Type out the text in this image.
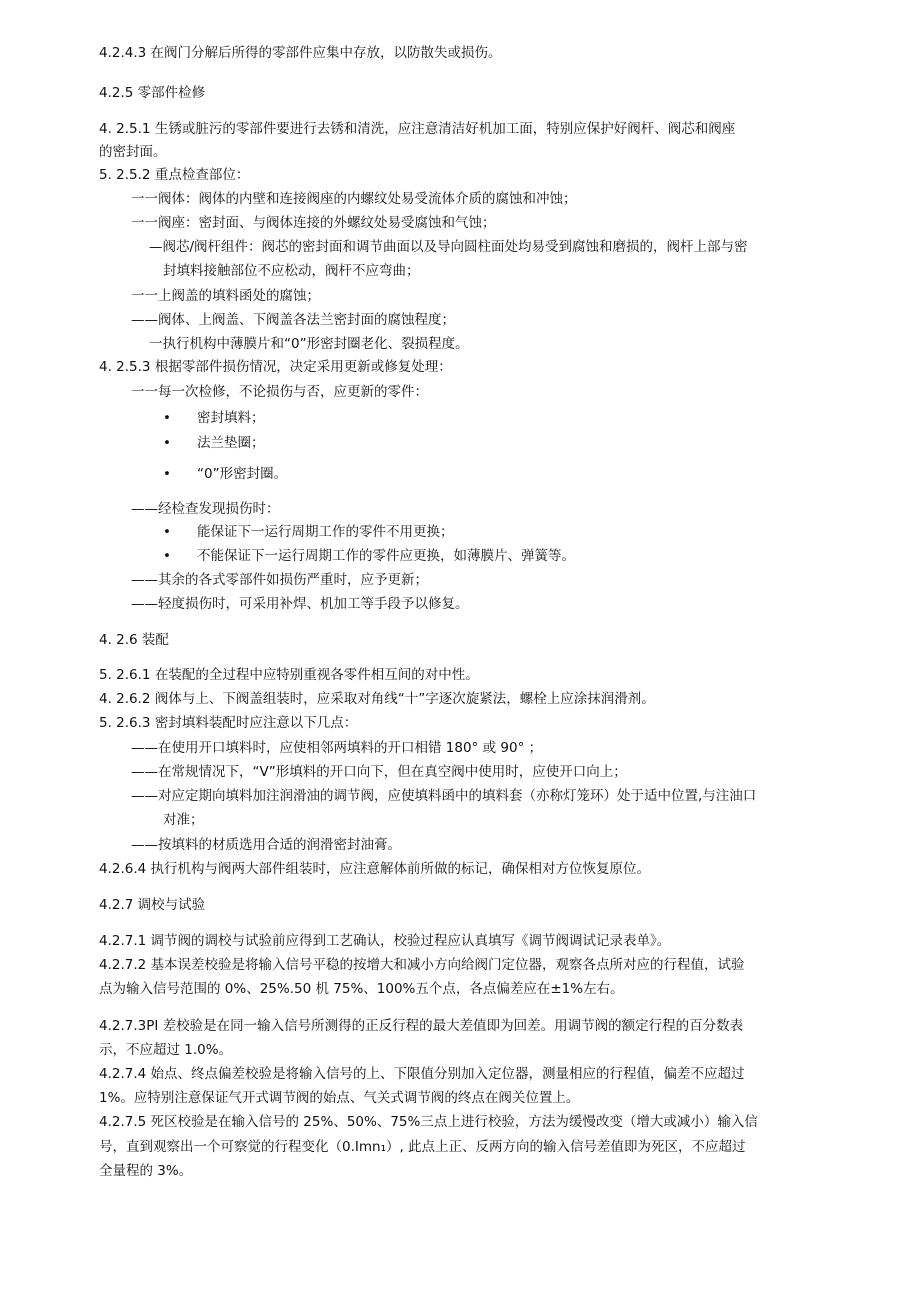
4.2.4.3 在阀门分解后所得的零部件应集中存放，以防散失或损伤。
4.2.5 零部件检修
4. 2.5.1 生锈或脏污的零部件要进行去锈和清洗，应注意清洁好机加工面，特别应保护好阀杆、阀芯和阀座
的密封面。
5. 2.5.2 重点检查部位：
一一阀体：阀体的内壁和连接阀座的内螺纹处易受流体介质的腐蚀和冲蚀；
一一阀座：密封面、与阀体连接的外螺纹处易受腐蚀和气蚀；
—阀芯/阀杆组件：阀芯的密封面和调节曲面以及导向圆柱面处均易受到腐蚀和磨损的，阀杆上部与密
封填料接触部位不应松动，阀杆不应弯曲；
一一上阀盖的填料函处的腐蚀；
——阀体、上阀盖、下阀盖各法兰密封面的腐蚀程度；
一执行机构中薄膜片和“0”形密封圈老化、裂损程度。
4. 2.5.3 根据零部件损伤情况，决定采用更新或修复处理：
一一每一次检修，不论损伤与否，应更新的零件：
• 密封填料；
• 法兰垫圈；
• “0”形密封圈。
——经检查发现损伤时：
• 能保证下一运行周期工作的零件不用更换；
• 不能保证下一运行周期工作的零件应更换，如薄膜片、弹簧等。
——其余的各式零部件如损伤严重时，应予更新；
——轻度损伤时，可采用补焊、机加工等手段予以修复。
4. 2.6 装配
5. 2.6.1 在装配的全过程中应特别重视各零件相互间的对中性。
4. 2.6.2 阀体与上、下阀盖组装时，应采取对角线“十”字逐次旋紧法，螺栓上应涂抹润滑剂。
5. 2.6.3 密封填料装配时应注意以下几点：
——在使用开口填料时，应使相邻两填料的开口相错 180° 或 90° ；
——在常规情况下，“V”形填料的开口向下，但在真空阀中使用时，应使开口向上；
——对应定期向填料加注润滑油的调节阀，应使填料函中的填料套（亦称灯笼环）处于适中位置,与注油口
对准；
——按填料的材质选用合适的润滑密封油膏。
4.2.6.4 执行机构与阀两大部件组装时，应注意解体前所做的标记，确保相对方位恢复原位。
4.2.7 调校与试验
4.2.7.1 调节阀的调校与试验前应得到工艺确认，校验过程应认真填写《调节阀调试记录表单》。
4.2.7.2 基本误差校验是将输入信号平稳的按增大和减小方向给阀门定位器，观察各点所对应的行程值，试验
点为输入信号范围的 0%、25%.50 机 75%、100%五个点，各点偏差应在±1%左右。
4.2.7.3PI 差校验是在同一输入信号所测得的正反行程的最大差值即为回差。用调节阀的额定行程的百分数表
示，不应超过 1.0%。
4.2.7.4 始点、终点偏差校验是将输入信号的上、下限值分别加入定位器，测量相应的行程值，偏差不应超过
1%。应特别注意保证气开式调节阀的始点、气关式调节阀的终点在阀关位置上。
4.2.7.5 死区校验是在输入信号的 25%、50%、75%三点上进行校验，方法为缓慢改变（增大或减小）输入信
号，直到观察出一个可察觉的行程变化（0.Imn₁）, 此点上正、反两方向的输入信号差值即为死区，不应超过
全量程的 3%。
